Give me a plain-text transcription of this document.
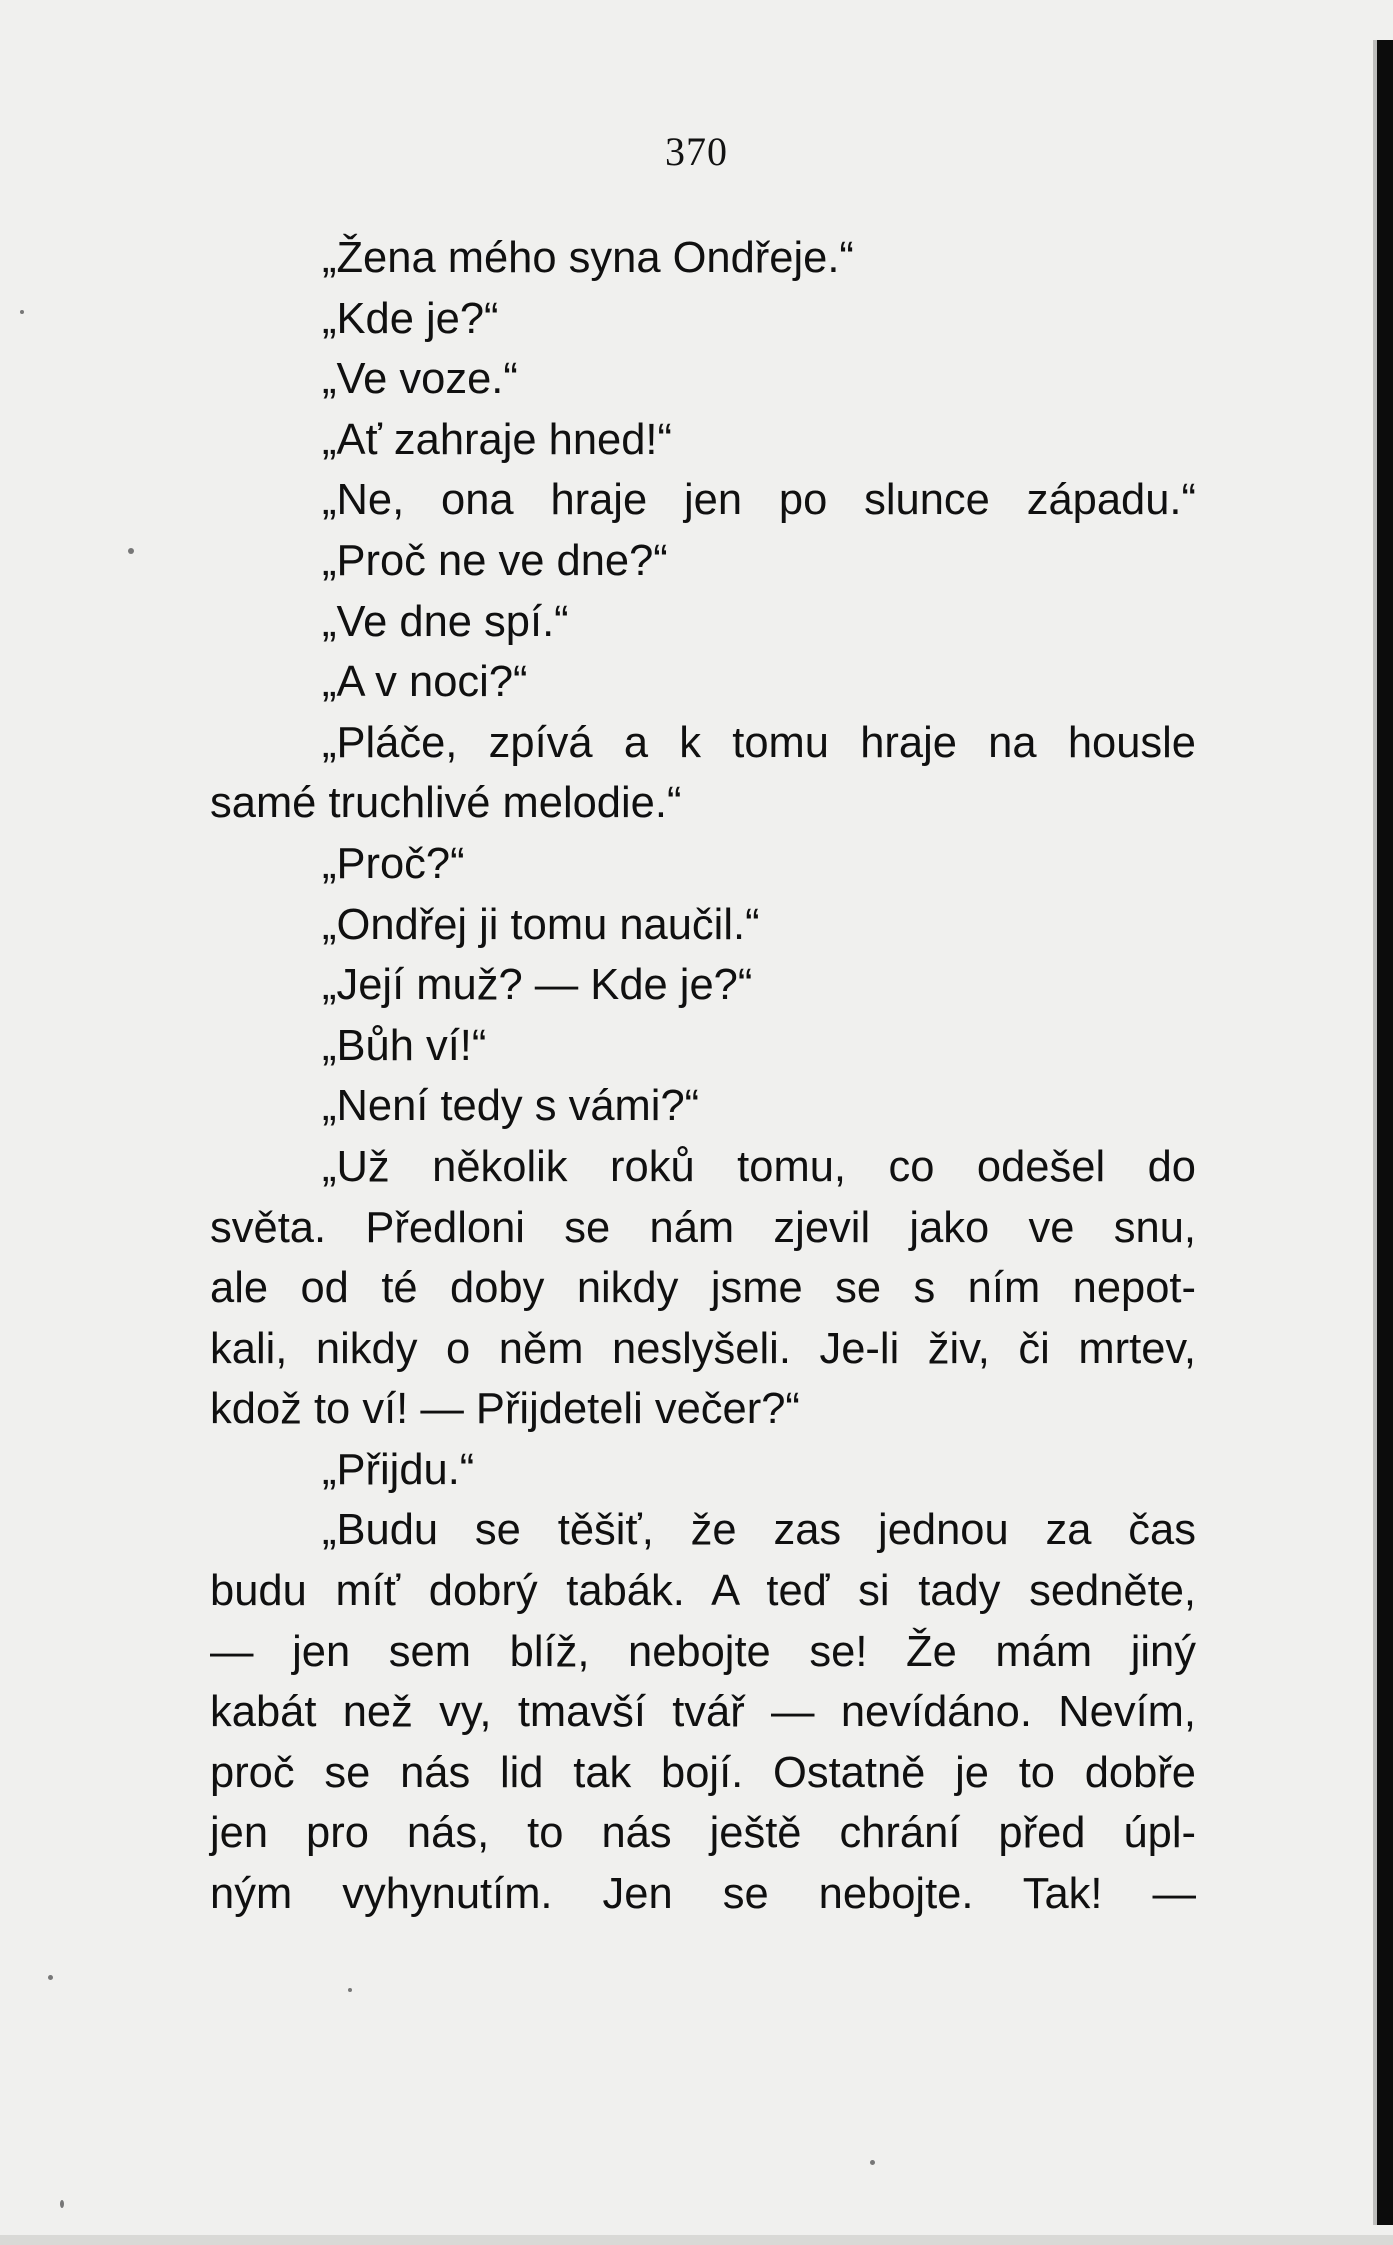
370
„Žena mého syna Ondřeje.“
„Kde je?“
„Ve voze.“
„Ať zahraje hned!“
„Ne, ona hraje jen po slunce západu.“
„Proč ne ve dne?“
„Ve dne spí.“
„A v noci?“
„Pláče, zpívá a k tomu hraje na housle
samé truchlivé melodie.“
„Proč?“
„Ondřej ji tomu naučil.“
„Její muž? — Kde je?“
„Bůh ví!“
„Není tedy s vámi?“
„Už několik roků tomu, co odešel do
světa. Předloni se nám zjevil jako ve snu,
ale od té doby nikdy jsme se s ním nepot-
kali, nikdy o něm neslyšeli. Je-li živ, či mrtev,
kdož to ví! — Přijdeteli večer?“
„Přijdu.“
„Budu se těšiť, že zas jednou za čas
budu míť dobrý tabák. A teď si tady sedněte,
— jen sem blíž, nebojte se! Že mám jiný
kabát než vy, tmavší tvář — nevídáno. Nevím,
proč se nás lid tak bojí. Ostatně je to dobře
jen pro nás, to nás ještě chrání před úpl-
ným vyhynutím. Jen se nebojte. Tak! —
